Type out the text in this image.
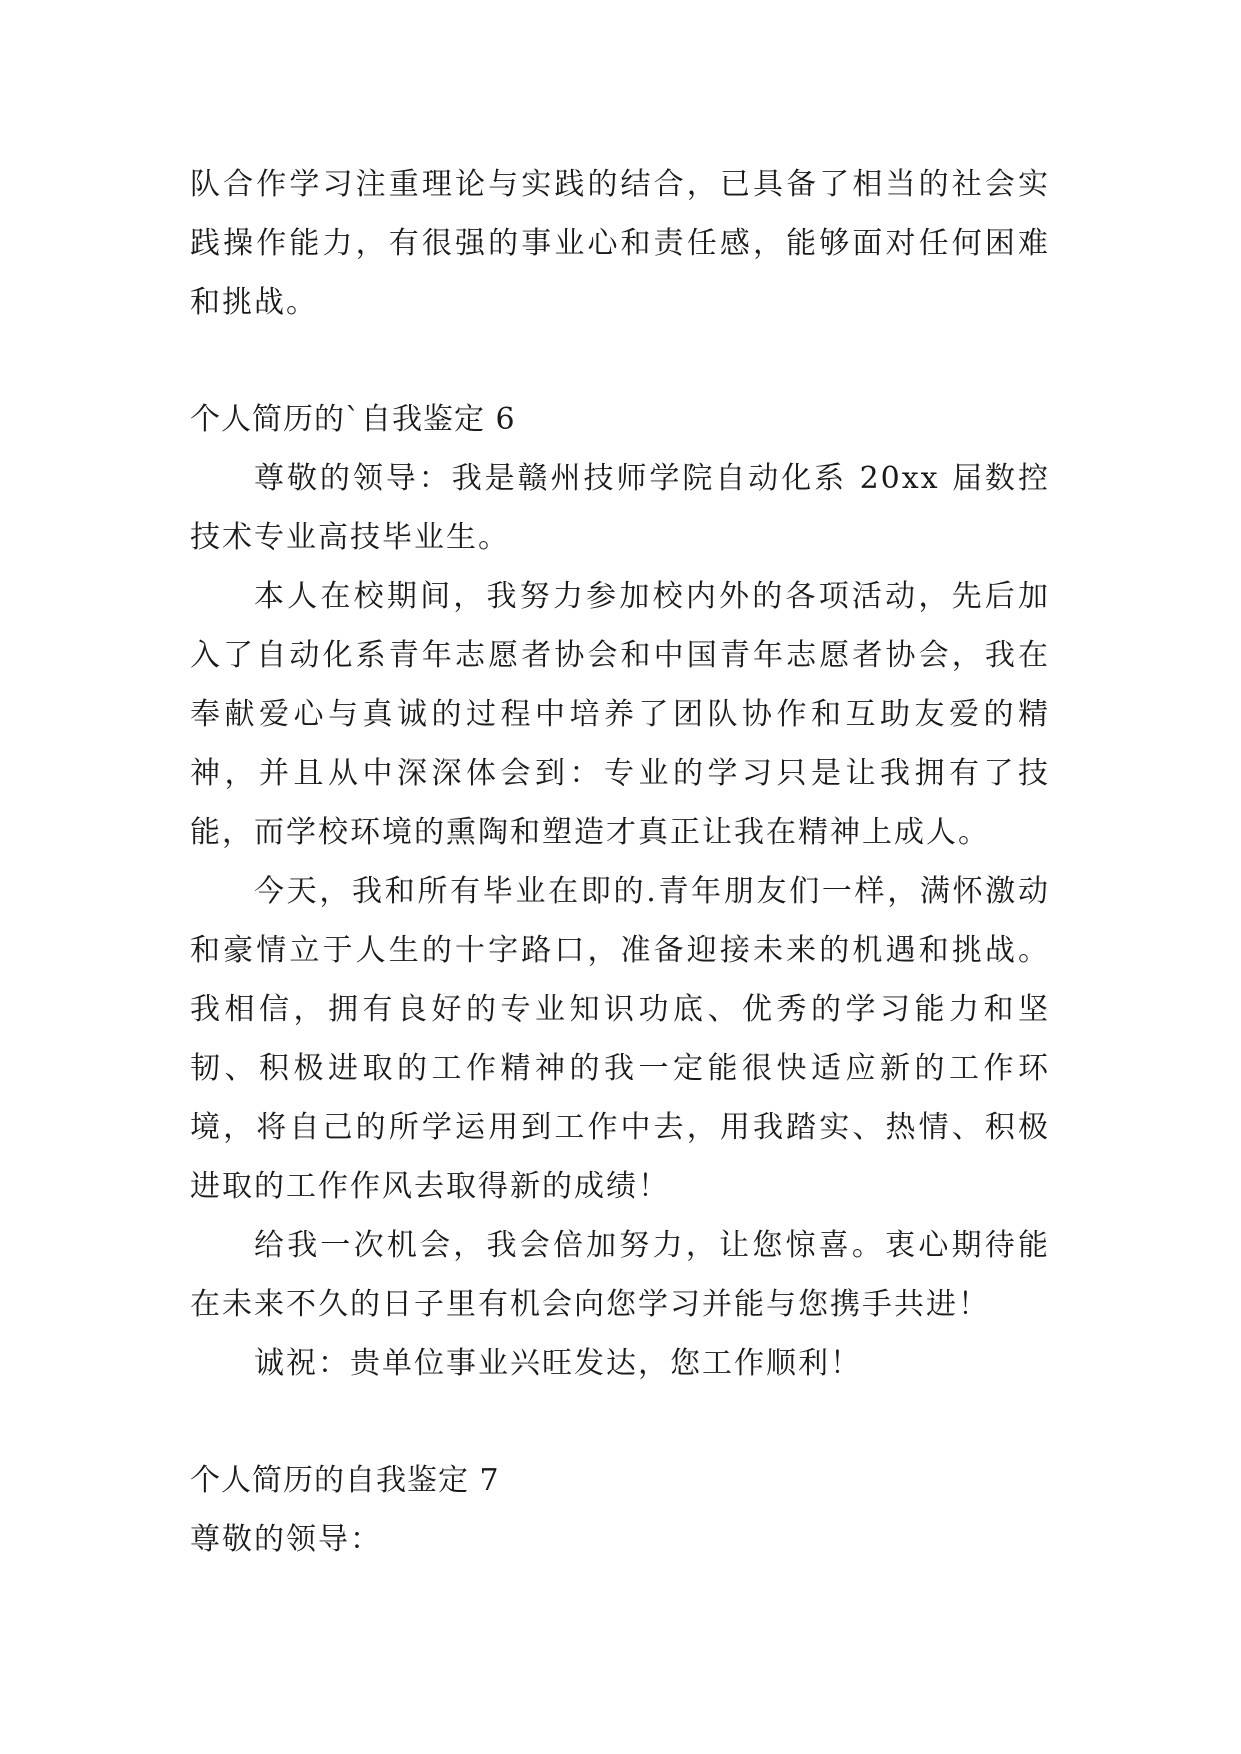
队合作学习注重理论与实践的结合，已具备了相当的社会实践操作能力，有很强的事业心和责任感，能够面对任何困难和挑战。

个人简历的`自我鉴定 6

尊敬的领导：我是赣州技师学院自动化系 20xx 届数控技术专业高技毕业生。

本人在校期间，我努力参加校内外的各项活动，先后加入了自动化系青年志愿者协会和中国青年志愿者协会，我在奉献爱心与真诚的过程中培养了团队协作和互助友爱的精神，并且从中深深体会到：专业的学习只是让我拥有了技能，而学校环境的熏陶和塑造才真正让我在精神上成人。

今天，我和所有毕业在即的.青年朋友们一样，满怀激动和豪情立于人生的十字路口，准备迎接未来的机遇和挑战。我相信，拥有良好的专业知识功底、优秀的学习能力和坚韧、积极进取的工作精神的我一定能很快适应新的工作环境，将自己的所学运用到工作中去，用我踏实、热情、积极进取的工作作风去取得新的成绩！

给我一次机会，我会倍加努力，让您惊喜。衷心期待能在未来不久的日子里有机会向您学习并能与您携手共进！

诚祝：贵单位事业兴旺发达，您工作顺利！

个人简历的自我鉴定 7

尊敬的领导：
